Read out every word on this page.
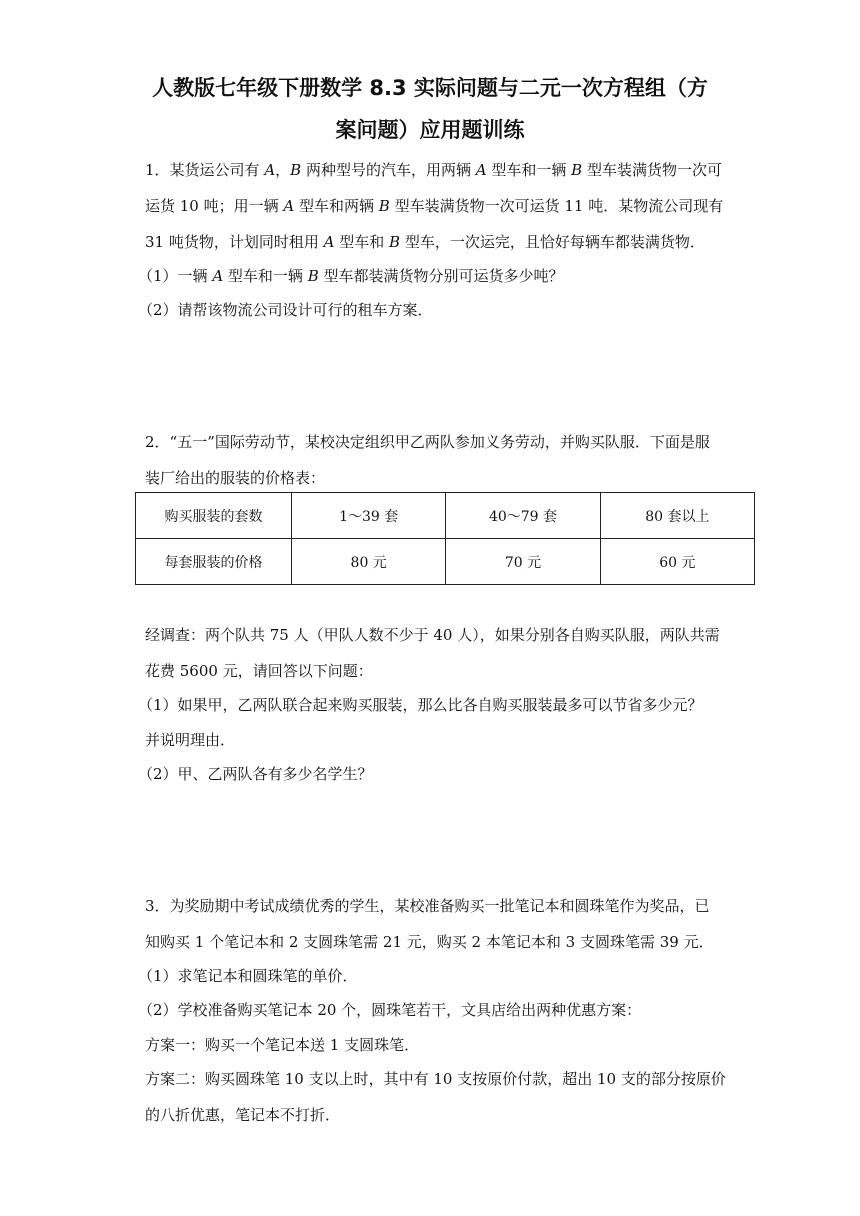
人教版七年级下册数学 8.3 实际问题与二元一次方程组（方
案问题）应用题训练
1．某货运公司有 A，B 两种型号的汽车，用两辆 A 型车和一辆 B 型车装满货物一次可
运货 10 吨；用一辆 A 型车和两辆 B 型车装满货物一次可运货 11 吨．某物流公司现有
31 吨货物，计划同时租用 A 型车和 B 型车，一次运完，且恰好每辆车都装满货物．
（1）一辆 A 型车和一辆 B 型车都装满货物分别可运货多少吨？
（2）请帮该物流公司设计可行的租车方案．
2．“五一”国际劳动节，某校决定组织甲乙两队参加义务劳动，并购买队服．下面是服
装厂给出的服装的价格表：
购买服装的套数	1～39 套	40～79 套	80 套以上
每套服装的价格	80 元	70 元	60 元
经调查：两个队共 75 人（甲队人数不少于 40 人），如果分别各自购买队服，两队共需
花费 5600 元，请回答以下问题：
（1）如果甲，乙两队联合起来购买服装，那么比各自购买服装最多可以节省多少元？
并说明理由．
（2）甲、乙两队各有多少名学生？
3．为奖励期中考试成绩优秀的学生，某校准备购买一批笔记本和圆珠笔作为奖品，已
知购买 1 个笔记本和 2 支圆珠笔需 21 元，购买 2 本笔记本和 3 支圆珠笔需 39 元．
（1）求笔记本和圆珠笔的单价．
（2）学校准备购买笔记本 20 个，圆珠笔若干，文具店给出两种优惠方案：
方案一：购买一个笔记本送 1 支圆珠笔．
方案二：购买圆珠笔 10 支以上时，其中有 10 支按原价付款，超出 10 支的部分按原价
的八折优惠，笔记本不打折．
